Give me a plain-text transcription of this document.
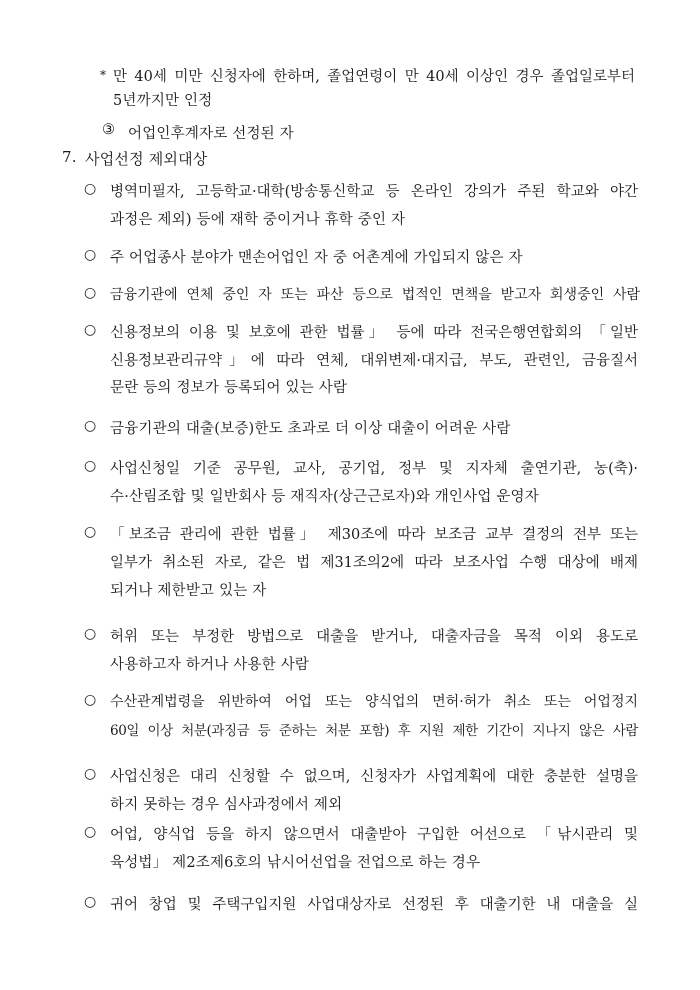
* 만 40세 미만 신청자에 한하며, 졸업연령이 만 40세 이상인 경우 졸업일로부터
5년까지만 인정
③ 어업인후계자로 선정된 자
7. 사업선정 제외대상
○ 병역미필자, 고등학교·대학(방송통신학교 등 온라인 강의가 주된 학교와 야간
과정은 제외) 등에 재학 중이거나 휴학 중인 자
○ 주 어업종사 분야가 맨손어업인 자 중 어촌계에 가입되지 않은 자
○ 금융기관에 연체 중인 자 또는 파산 등으로 법적인 면책을 받고자 회생중인 사람
○ 신용정보의 이용 및 보호에 관한 법률」 등에 따라 전국은행연합회의 「일반
신용정보관리규약」에 따라 연체, 대위변제·대지급, 부도, 관련인, 금융질서
문란 등의 정보가 등록되어 있는 사람
○ 금융기관의 대출(보증)한도 초과로 더 이상 대출이 어려운 사람
○ 사업신청일 기준 공무원, 교사, 공기업, 정부 및 지자체 출연기관, 농(축)·
수·산림조합 및 일반회사 등 재직자(상근근로자)와 개인사업 운영자
○ 「보조금 관리에 관한 법률」 제30조에 따라 보조금 교부 결정의 전부 또는
일부가 취소된 자로, 같은 법 제31조의2에 따라 보조사업 수행 대상에 배제
되거나 제한받고 있는 자
○ 허위 또는 부정한 방법으로 대출을 받거나, 대출자금을 목적 이외 용도로
사용하고자 하거나 사용한 사람
○ 수산관계법령을 위반하여 어업 또는 양식업의 면허·허가 취소 또는 어업정지
60일 이상 처분(과징금 등 준하는 처분 포함) 후 지원 제한 기간이 지나지 않은 사람
○ 사업신청은 대리 신청할 수 없으며, 신청자가 사업계획에 대한 충분한 설명을
하지 못하는 경우 심사과정에서 제외
○ 어업, 양식업 등을 하지 않으면서 대출받아 구입한 어선으로 「낚시관리 및
육성법」 제2조제6호의 낚시어선업을 전업으로 하는 경우
○ 귀어 창업 및 주택구입지원 사업대상자로 선정된 후 대출기한 내 대출을 실
